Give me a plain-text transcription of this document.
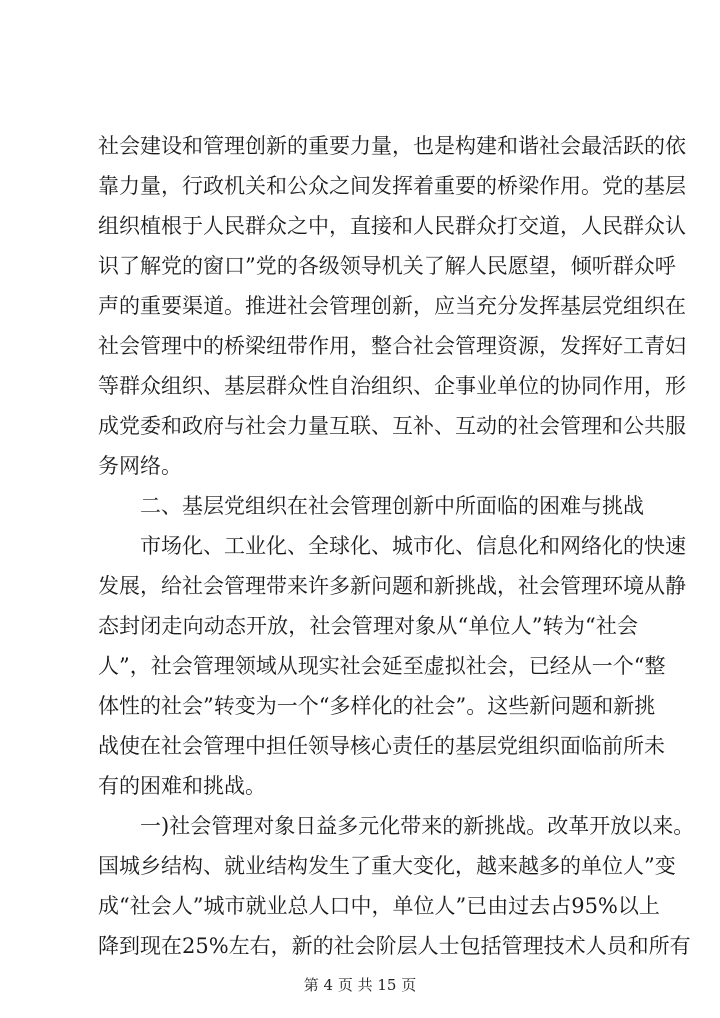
社会建设和管理创新的重要力量，也是构建和谐社会最活跃的依
靠力量，行政机关和公众之间发挥着重要的桥梁作用。党的基层
组织植根于人民群众之中，直接和人民群众打交道，人民群众认
识了解党的窗口”党的各级领导机关了解人民愿望，倾听群众呼
声的重要渠道。推进社会管理创新，应当充分发挥基层党组织在
社会管理中的桥梁纽带作用，整合社会管理资源，发挥好工青妇
等群众组织、基层群众性自治组织、企事业单位的协同作用，形
成党委和政府与社会力量互联、互补、互动的社会管理和公共服
务网络。
二、基层党组织在社会管理创新中所面临的困难与挑战
市场化、工业化、全球化、城市化、信息化和网络化的快速
发展，给社会管理带来许多新问题和新挑战，社会管理环境从静
态封闭走向动态开放，社会管理对象从“单位人”转为“社会
人”，社会管理领域从现实社会延至虚拟社会，已经从一个“整
体性的社会”转变为一个“多样化的社会”。这些新问题和新挑
战使在社会管理中担任领导核心责任的基层党组织面临前所未
有的困难和挑战。
一)社会管理对象日益多元化带来的新挑战。改革开放以来。
国城乡结构、就业结构发生了重大变化，越来越多的单位人”变
成“社会人”城市就业总人口中，单位人”已由过去占95%以上
降到现在25%左右，新的社会阶层人士包括管理技术人员和所有
第 4 页 共 15 页
